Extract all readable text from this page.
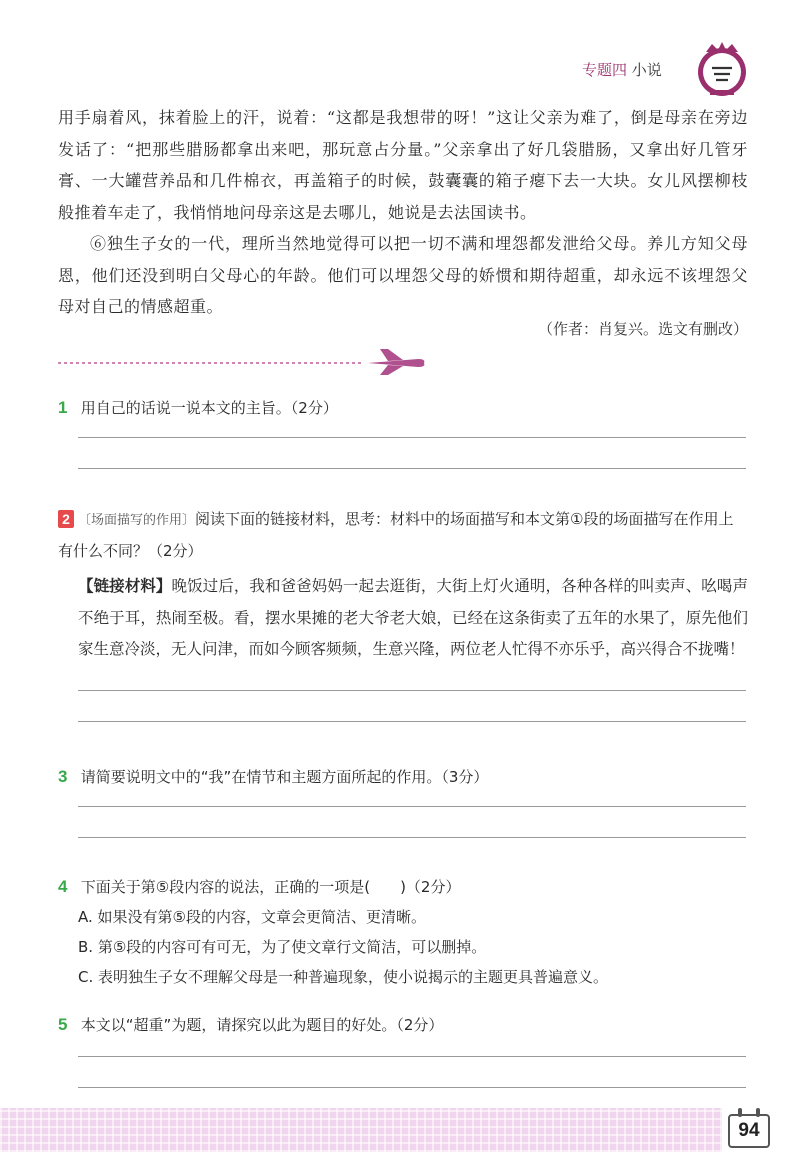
专题四 小说

用手扇着风，抹着脸上的汗，说着：“这都是我想带的呀！”这让父亲为难了，倒是母亲在旁边发话了：“把那些腊肠都拿出来吧，那玩意占分量。”父亲拿出了好几袋腊肠，又拿出好几管牙膏、一大罐营养品和几件棉衣，再盖箱子的时候，鼓囊囊的箱子瘪下去一大块。女儿风摆柳枝般推着车走了，我悄悄地问母亲这是去哪儿，她说是去法国读书。

⑥独生子女的一代，理所当然地觉得可以把一切不满和埋怨都发泄给父母。养儿方知父母恩，他们还没到明白父母心的年龄。他们可以埋怨父母的娇惯和期待超重，却永远不该埋怨父母对自己的情感超重。

（作者：肖复兴。选文有删改）
1 用自己的话说一说本文的主旨。（2分）
2 〔场面描写的作用〕阅读下面的链接材料，思考：材料中的场面描写和本文第①段的场面描写在作用上有什么不同？（2分）
【链接材料】晚饭过后，我和爸爸妈妈一起去逛街，大街上灯火通明，各种各样的叫卖声、吆喝声不绝于耳，热闹至极。看，摆水果摊的老大爷老大娘，已经在这条街卖了五年的水果了，原先他们家生意冷淡，无人问津，而如今顾客频频，生意兴隆，两位老人忙得不亦乐乎，高兴得合不拢嘴！
3 请简要说明文中的“我”在情节和主题方面所起的作用。（3分）
4 下面关于第⑤段内容的说法，正确的一项是(　　)（2分）
A. 如果没有第⑤段的内容，文章会更简洁、更清晰。
B. 第⑤段的内容可有可无，为了使文章行文简洁，可以删掉。
C. 表明独生子女不理解父母是一种普遍现象，使小说揭示的主题更具普遍意义。
5 本文以“超重”为题，请探究以此为题目的好处。（2分）
94
